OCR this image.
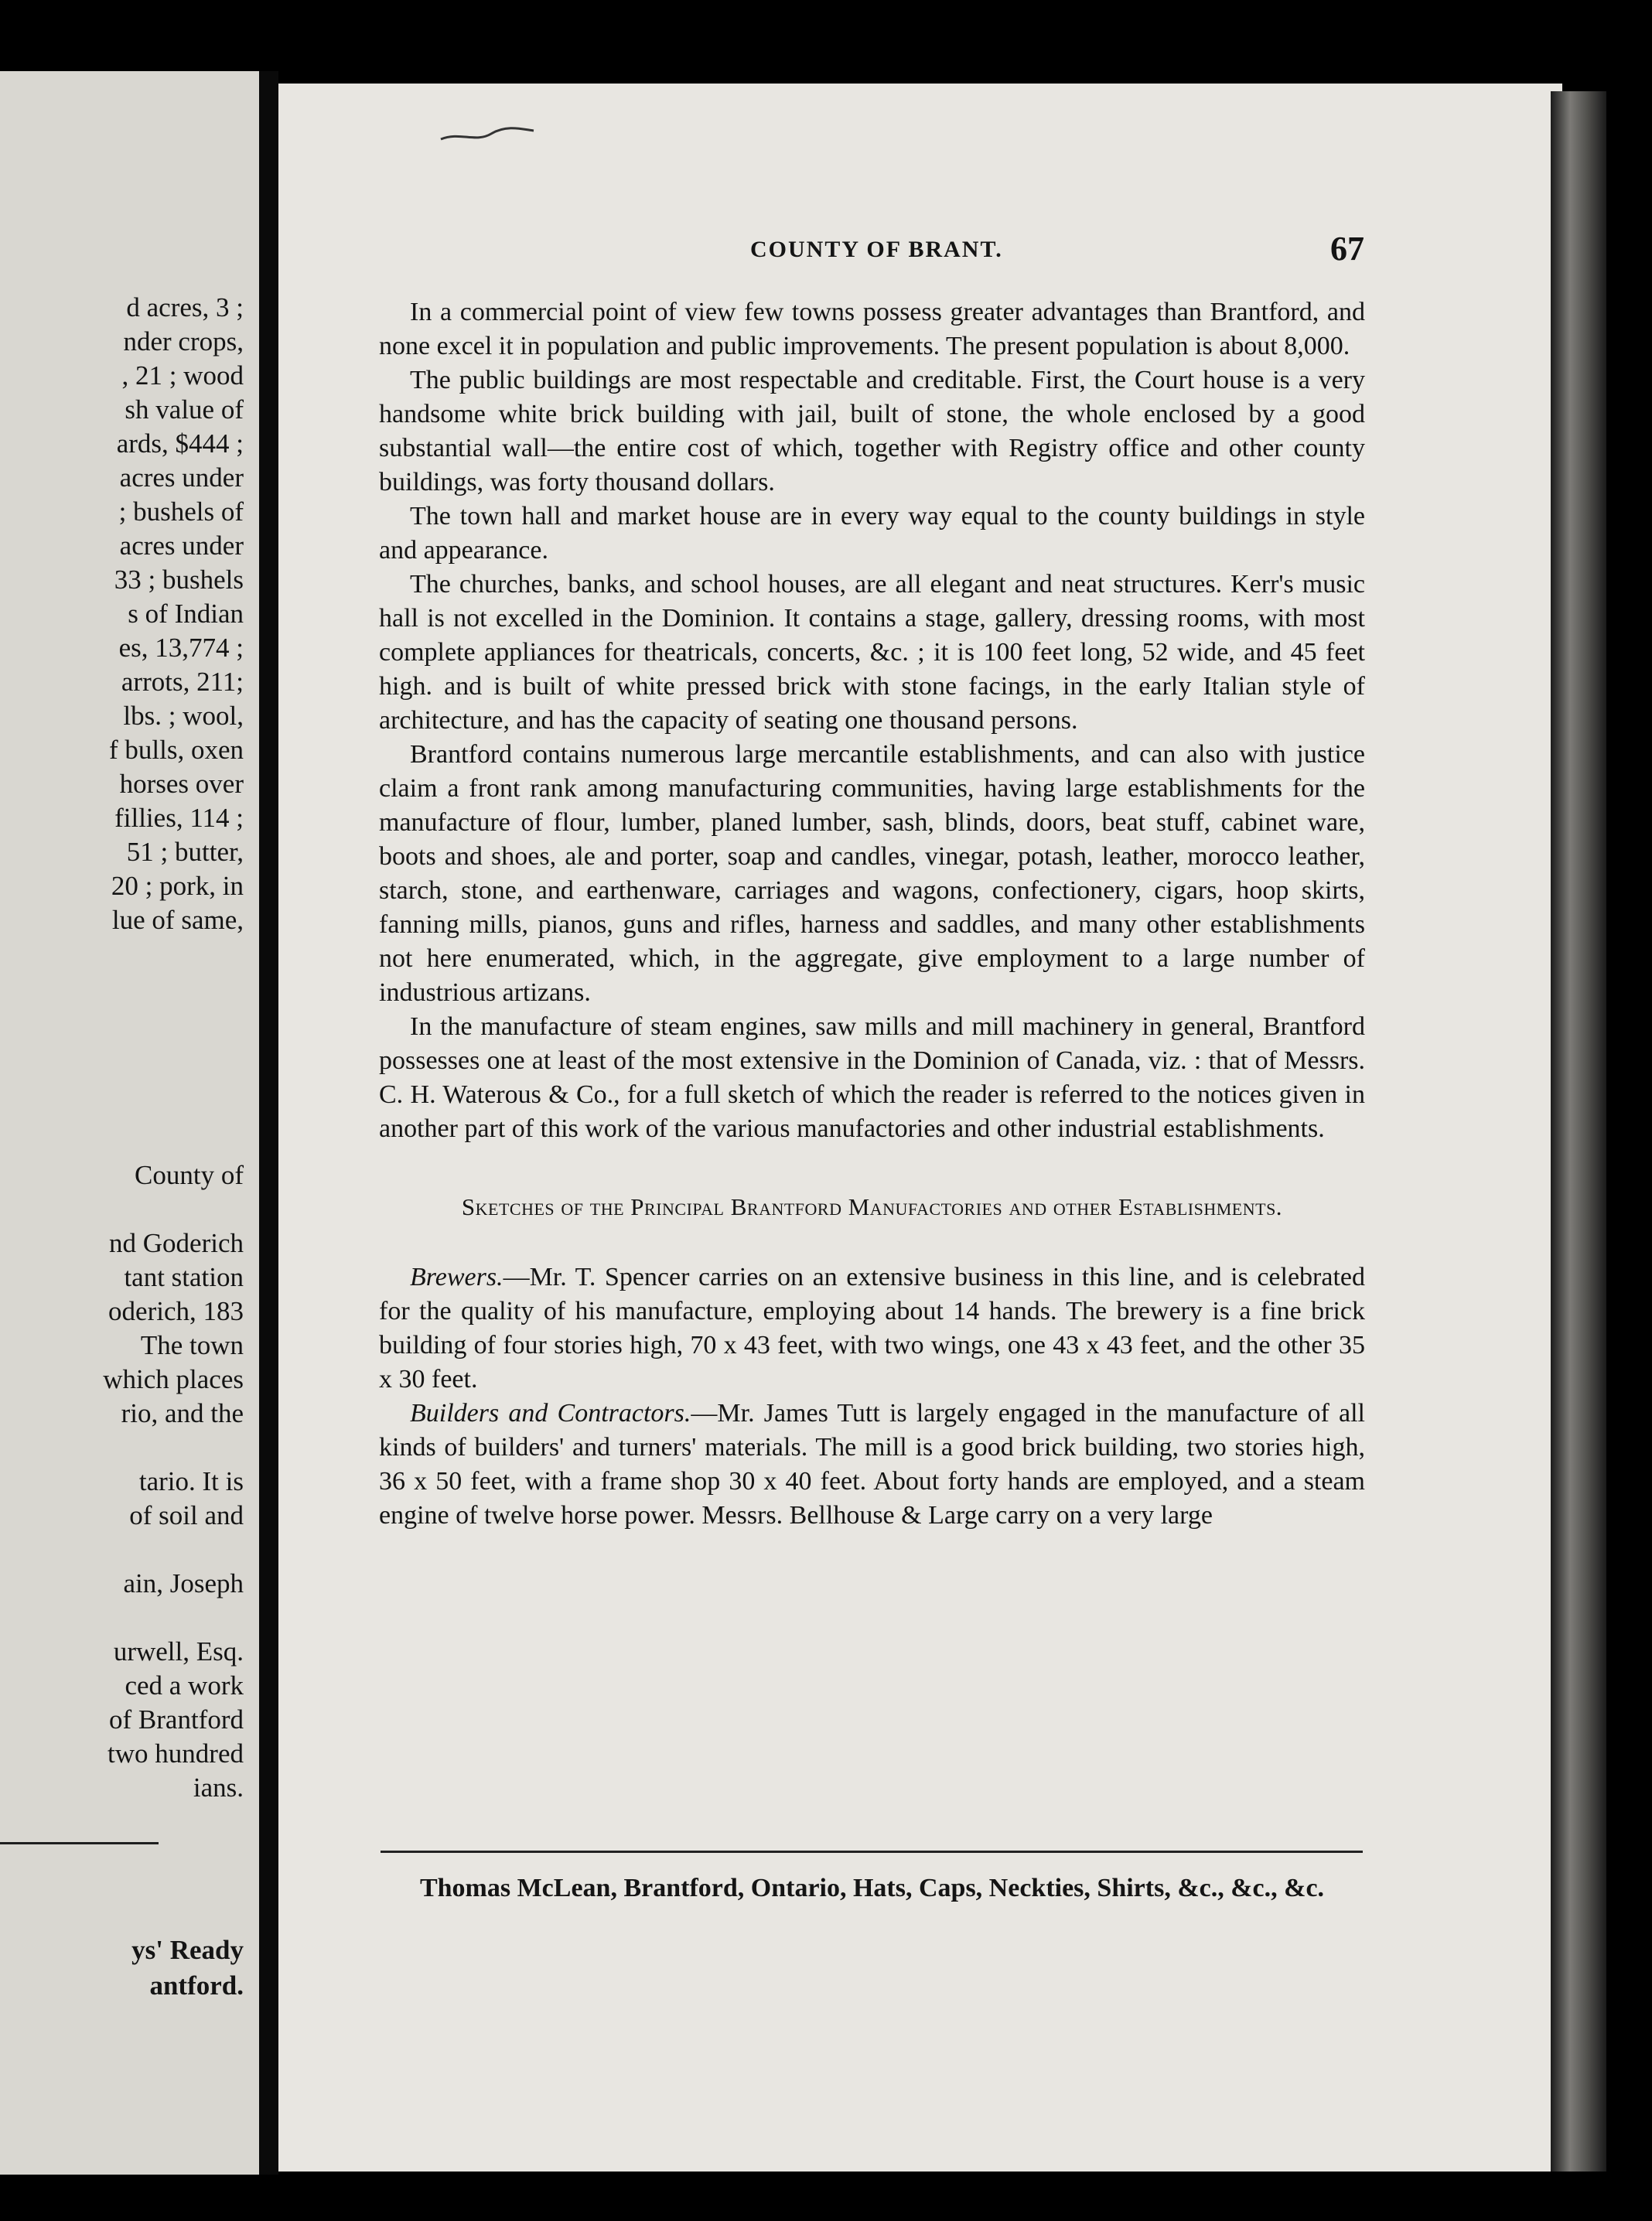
d acres, 3 ;
nder crops,
, 21 ; wood
sh value of
ards, $444 ;
acres under
; bushels of
acres under
33 ; bushels
s of Indian
es, 13,774 ;
arrots, 211;
lbs. ; wool,
f bulls, oxen
horses over
fillies, 114 ;
51 ; butter,
20 ; pork, in
lue of same,
County of
nd Goderich
tant station
oderich, 183
The town
which places
rio, and the
tario. It is
of soil and
ain, Joseph
urwell, Esq.
ced a work
of Brantford
two hundred
ians.
ys' Ready
antford.
COUNTY OF BRANT.	67

In a commercial point of view few towns possess greater advantages than Brantford, and none excel it in population and public improvements. The present population is about 8,000.

The public buildings are most respectable and creditable. First, the Court house is a very handsome white brick building with jail, built of stone, the whole enclosed by a good substantial wall—the entire cost of which, together with Registry office and other county buildings, was forty thousand dollars.

The town hall and market house are in every way equal to the county buildings in style and appearance.

The churches, banks, and school houses, are all elegant and neat structures. Kerr's music hall is not excelled in the Dominion. It contains a stage, gallery, dressing rooms, with most complete appliances for theatricals, concerts, &c. ; it is 100 feet long, 52 wide, and 45 feet high. and is built of white pressed brick with stone facings, in the early Italian style of architecture, and has the capacity of seating one thousand persons.

Brantford contains numerous large mercantile establishments, and can also with justice claim a front rank among manufacturing communities, having large establishments for the manufacture of flour, lumber, planed lumber, sash, blinds, doors, beat stuff, cabinet ware, boots and shoes, ale and porter, soap and candles, vinegar, potash, leather, morocco leather, starch, stone, and earthenware, carriages and wagons, confectionery, cigars, hoop skirts, fanning mills, pianos, guns and rifles, harness and saddles, and many other establishments not here enumerated, which, in the aggregate, give employment to a large number of industrious artizans.

In the manufacture of steam engines, saw mills and mill machinery in general, Brantford possesses one at least of the most extensive in the Dominion of Canada, viz. : that of Messrs. C. H. Waterous & Co., for a full sketch of which the reader is referred to the notices given in another part of this work of the various manufactories and other industrial establishments.

Sketches of the Principal Brantford Manufactories and other Establishments.

Brewers.—Mr. T. Spencer carries on an extensive business in this line, and is celebrated for the quality of his manufacture, employing about 14 hands. The brewery is a fine brick building of four stories high, 70 x 43 feet, with two wings, one 43 x 43 feet, and the other 35 x 30 feet.

Builders and Contractors.—Mr. James Tutt is largely engaged in the manufacture of all kinds of builders' and turners' materials. The mill is a good brick building, two stories high, 36 x 50 feet, with a frame shop 30 x 40 feet. About forty hands are employed, and a steam engine of twelve horse power. Messrs. Bellhouse & Large carry on a very large

Thomas McLean, Brantford, Ontario, Hats, Caps, Neckties, Shirts, &c., &c., &c.
